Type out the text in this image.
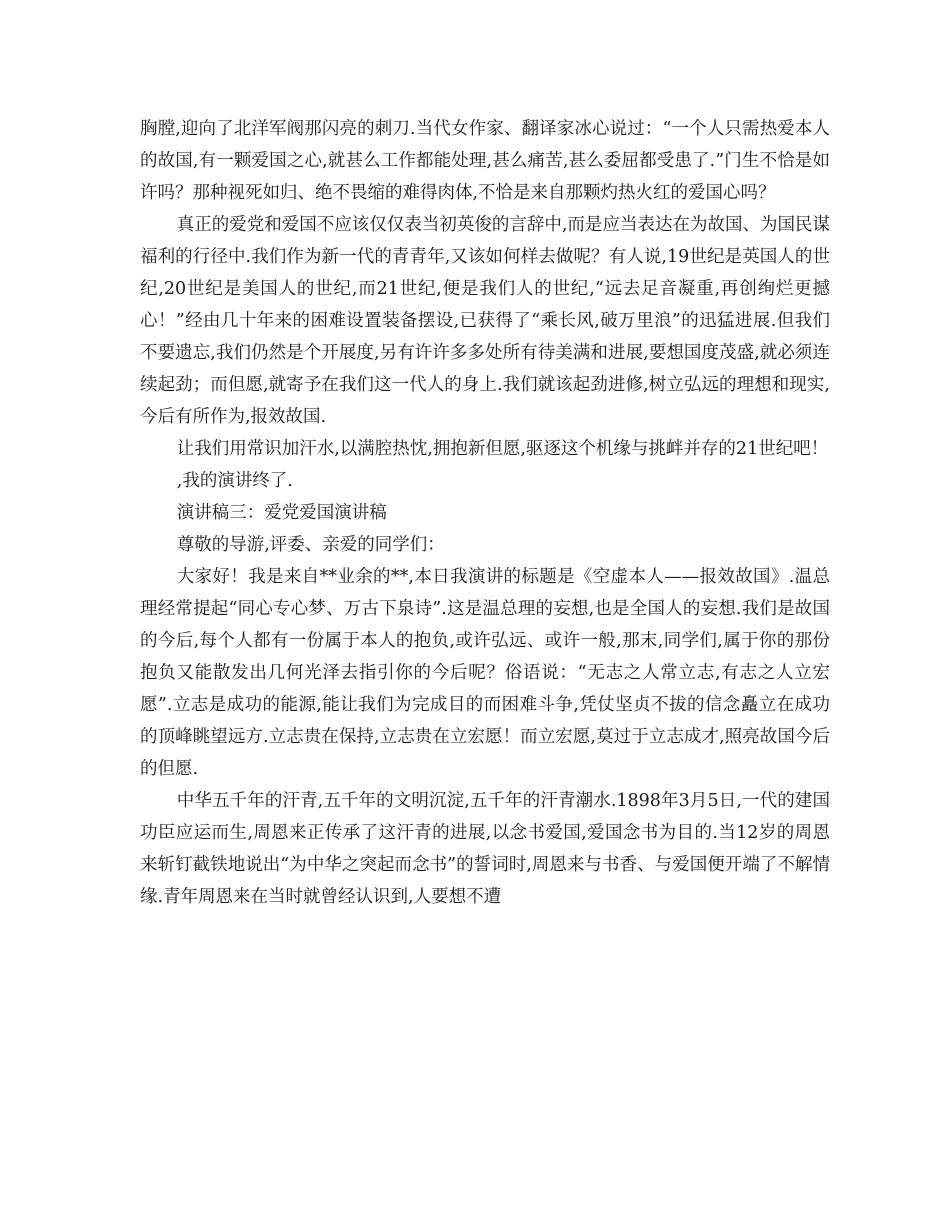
胸膛,迎向了北洋军阀那闪亮的刺刀.当代女作家、翻译家冰心说过：“一个人只需热爱本人的故国,有一颗爱国之心,就甚么工作都能处理,甚么痛苦,甚么委屈都受患了.”门生不恰是如许吗？那种视死如归、绝不畏缩的难得肉体,不恰是来自那颗灼热火红的爱国心吗？

真正的爱党和爱国不应该仅仅表当初英俊的言辞中,而是应当表达在为故国、为国民谋福利的行径中.我们作为新一代的青青年,又该如何样去做呢？有人说,19世纪是英国人的世纪,20世纪是美国人的世纪,而21世纪,便是我们人的世纪,“远去足音凝重,再创绚烂更撼心！”经由几十年来的困难设置装备摆设,已获得了“乘长风,破万里浪”的迅猛进展.但我们不要遗忘,我们仍然是个开展度,另有许许多多处所有待美满和进展,要想国度茂盛,就必须连续起劲；而但愿,就寄予在我们这一代人的身上.我们就该起劲进修,树立弘远的理想和现实,今后有所作为,报效故国.

让我们用常识加汗水,以满腔热忱,拥抱新但愿,驱逐这个机缘与挑衅并存的21世纪吧！

,我的演讲终了.

演讲稿三：爱党爱国演讲稿

尊敬的导游,评委、亲爱的同学们：

大家好！我是来自**业余的**,本日我演讲的标题是《空虚本人——报效故国》.温总理经常提起“同心专心梦、万古下泉诗”.这是温总理的妄想,也是全国人的妄想.我们是故国的今后,每个人都有一份属于本人的抱负,或许弘远、或许一般,那末,同学们,属于你的那份抱负又能散发出几何光泽去指引你的今后呢？俗语说：“无志之人常立志,有志之人立宏愿”.立志是成功的能源,能让我们为完成目的而困难斗争,凭仗坚贞不拔的信念矗立在成功的顶峰眺望远方.立志贵在保持,立志贵在立宏愿！而立宏愿,莫过于立志成才,照亮故国今后的但愿.

中华五千年的汗青,五千年的文明沉淀,五千年的汗青潮水.1898年3月5日,一代的建国功臣应运而生,周恩来正传承了这汗青的进展,以念书爱国,爱国念书为目的.当12岁的周恩来斩钉截铁地说出“为中华之突起而念书”的誓词时,周恩来与书香、与爱国便开端了不解情缘.青年周恩来在当时就曾经认识到,人要想不遭
